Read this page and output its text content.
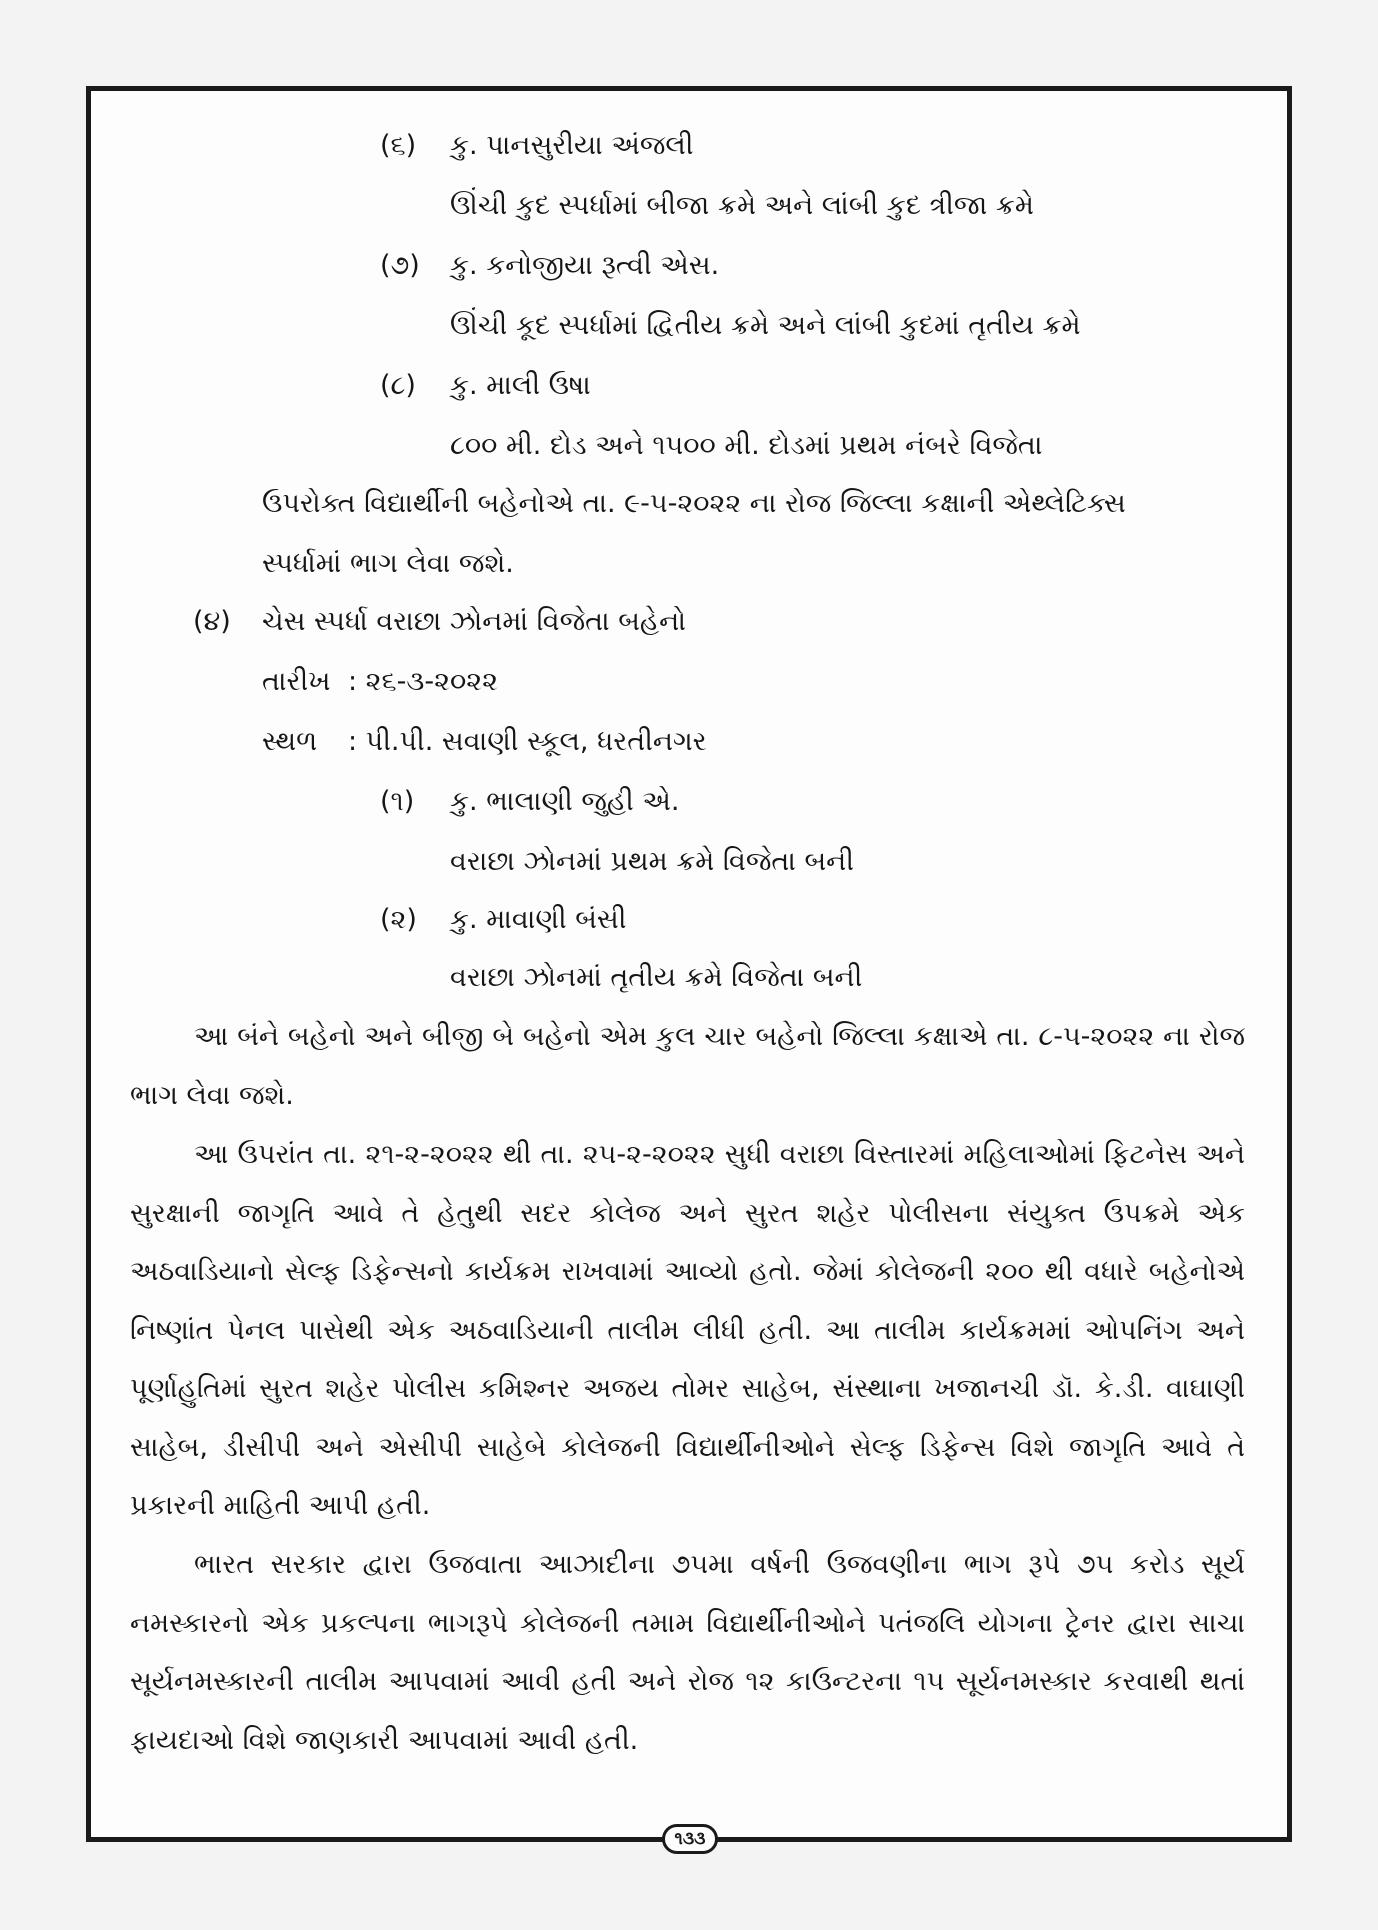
(૬) કુ. પાનસુરીયા અંજલી
ઊંચી કુદ સ્પર્ધામાં બીજા ક્રમે અને લાંબી કુદ ત્રીજા ક્રમે
(૭) કુ. કનોજીયા રૂત્વી એસ.
ઊંચી કૂદ સ્પર્ધામાં દ્વિતીય ક્રમે અને લાંબી કુદમાં તૃતીય ક્રમે
(૮) કુ. માલી ઉષા
૮૦૦ મી. દોડ અને ૧૫૦૦ મી. દોડમાં પ્રથમ નંબરે વિજેતા
ઉપરોક્ત વિદ્યાર્થીની બહેનોએ તા. ૯-૫-૨૦૨૨ ના રોજ જિલ્લા કક્ષાની એથ્લેટિક્સ
સ્પર્ધામાં ભાગ લેવા જશે.
(૪) ચેસ સ્પર્ધા વરાછા ઝોનમાં વિજેતા બહેનો
તારીખ : ૨૬-૩-૨૦૨૨
સ્થળ : પી.પી. સવાણી સ્કૂલ, ધરતીનગર
(૧) કુ. ભાલાણી જુહી એ.
વરાછા ઝોનમાં પ્રથમ ક્રમે વિજેતા બની
(૨) કુ. માવાણી બંસી
વરાછા ઝોનમાં તૃતીય ક્રમે વિજેતા બની

આ બંને બહેનો અને બીજી બે બહેનો એમ કુલ ચાર બહેનો જિલ્લા કક્ષાએ તા. ૮-૫-૨૦૨૨ ના રોજ ભાગ લેવા જશે.

આ ઉપરાંત તા. ૨૧-૨-૨૦૨૨ થી તા. ૨૫-૨-૨૦૨૨ સુધી વરાછા વિસ્તારમાં મહિલાઓમાં ફિટનેસ અને સુરક્ષાની જાગૃતિ આવે તે હેતુથી સદર કોલેજ અને સુરત શહેર પોલીસના સંયુક્ત ઉપક્રમે એક અઠવાડિયાનો સેલ્ફ ડિફેન્સનો કાર્યક્રમ રાખવામાં આવ્યો હતો. જેમાં કોલેજની ૨૦૦ થી વધારે બહેનોએ નિષ્ણાંત પેનલ પાસેથી એક અઠવાડિયાની તાલીમ લીધી હતી. આ તાલીમ કાર્યક્રમમાં ઓપનિંગ અને પૂર્ણાહુતિમાં સુરત શહેર પોલીસ કમિશ્નર અજય તોમર સાહેબ, સંસ્થાના ખજાનચી ડૉ. કે.ડી. વાઘાણી સાહેબ, ડીસીપી અને એસીપી સાહેબે કોલેજની વિદ્યાર્થીનીઓને સેલ્ફ ડિફેન્સ વિશે જાગૃતિ આવે તે પ્રકારની માહિતી આપી હતી.

ભારત સરકાર દ્વારા ઉજવાતા આઝાદીના ૭૫મા વર્ષની ઉજવણીના ભાગ રૂપે ૭૫ કરોડ સૂર્ય નમસ્કારનો એક પ્રકલ્પના ભાગરૂપે કોલેજની તમામ વિદ્યાર્થીનીઓને પતંજલિ યોગના ટ્રેનર દ્વારા સાચા સૂર્યનમસ્કારની તાલીમ આપવામાં આવી હતી અને રોજ ૧૨ કાઉન્ટરના ૧૫ સૂર્યનમસ્કાર કરવાથી થતાં ફાયદાઓ વિશે જાણકારી આપવામાં આવી હતી.

૧૩૩
